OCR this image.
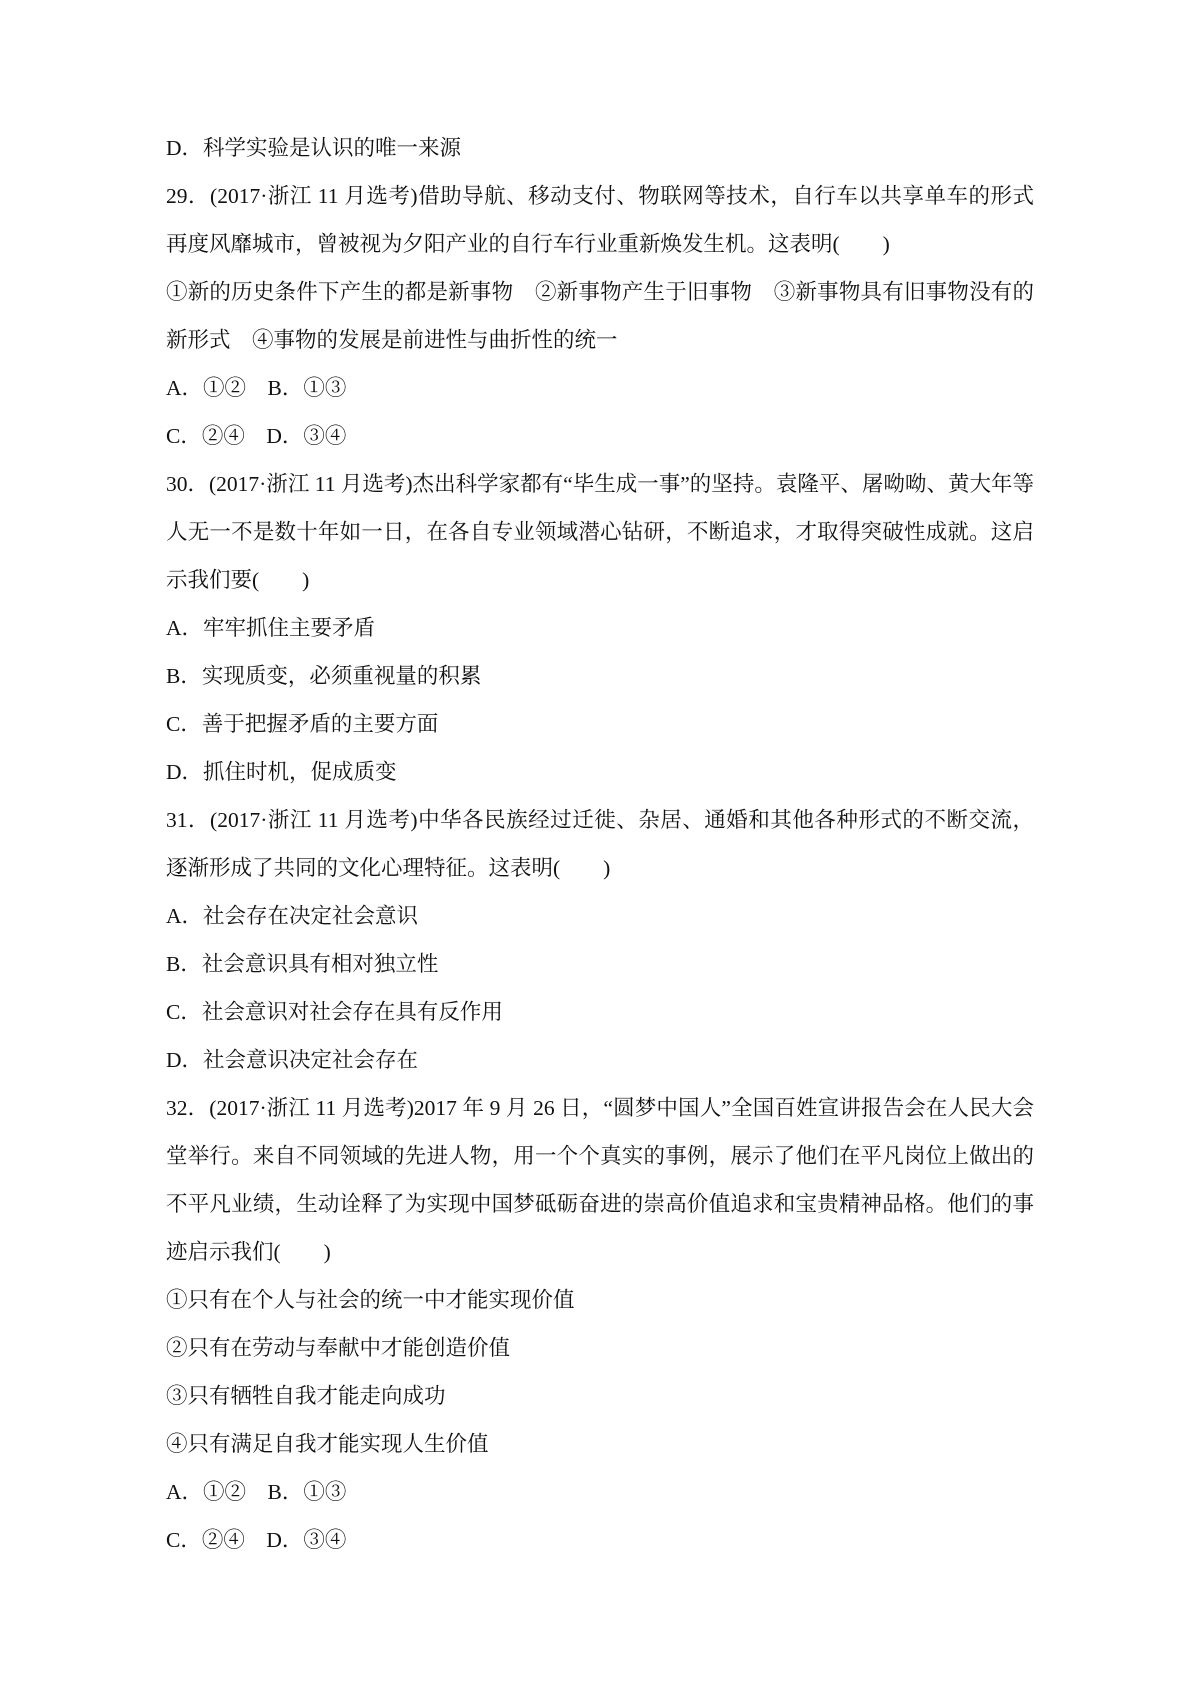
D．科学实验是认识的唯一来源

29．(2017·浙江 11 月选考)借助导航、移动支付、物联网等技术，自行车以共享单车的形式再度风靡城市，曾被视为夕阳产业的自行车行业重新焕发生机。这表明(　　)

①新的历史条件下产生的都是新事物　②新事物产生于旧事物　③新事物具有旧事物没有的新形式　④事物的发展是前进性与曲折性的统一

A．①②　B．①③

C．②④　D．③④

30．(2017·浙江 11 月选考)杰出科学家都有“毕生成一事”的坚持。袁隆平、屠呦呦、黄大年等人无一不是数十年如一日，在各自专业领域潜心钻研，不断追求，才取得突破性成就。这启示我们要(　　)

A．牢牢抓住主要矛盾

B．实现质变，必须重视量的积累

C．善于把握矛盾的主要方面

D．抓住时机，促成质变

31．(2017·浙江 11 月选考)中华各民族经过迁徙、杂居、通婚和其他各种形式的不断交流，逐渐形成了共同的文化心理特征。这表明(　　)

A．社会存在决定社会意识

B．社会意识具有相对独立性

C．社会意识对社会存在具有反作用

D．社会意识决定社会存在

32．(2017·浙江 11 月选考)2017 年 9 月 26 日，“圆梦中国人”全国百姓宣讲报告会在人民大会堂举行。来自不同领域的先进人物，用一个个真实的事例，展示了他们在平凡岗位上做出的不平凡业绩，生动诠释了为实现中国梦砥砺奋进的崇高价值追求和宝贵精神品格。他们的事迹启示我们(　　)

①只有在个人与社会的统一中才能实现价值

②只有在劳动与奉献中才能创造价值

③只有牺牲自我才能走向成功

④只有满足自我才能实现人生价值

A．①②　B．①③

C．②④　D．③④
